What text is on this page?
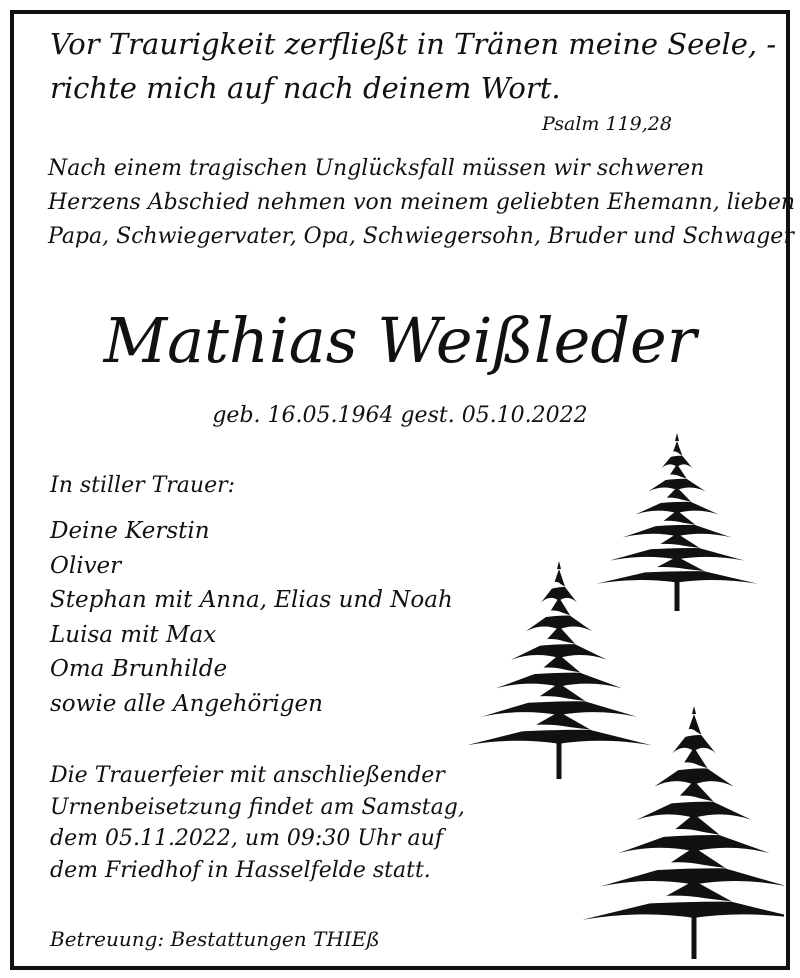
Vor Traurigkeit zerfließt in Tränen meine Seele, -
richte mich auf nach deinem Wort.
Psalm 119,28
Nach einem tragischen Unglücksfall müssen wir schweren
Herzens Abschied nehmen von meinem geliebten Ehemann, lieben
Papa, Schwiegervater, Opa, Schwiegersohn, Bruder und Schwager
Mathias Weißleder
geb. 16.05.1964 gest. 05.10.2022
In stiller Trauer:
Deine Kerstin
Oliver
Stephan mit Anna, Elias und Noah
Luisa mit Max
Oma Brunhilde
sowie alle Angehörigen
Die Trauerfeier mit anschließender
Urnenbeisetzung findet am Samstag,
dem 05.11.2022, um 09:30 Uhr auf
dem Friedhof in Hasselfelde statt.
Betreuung: Bestattungen THIEß
